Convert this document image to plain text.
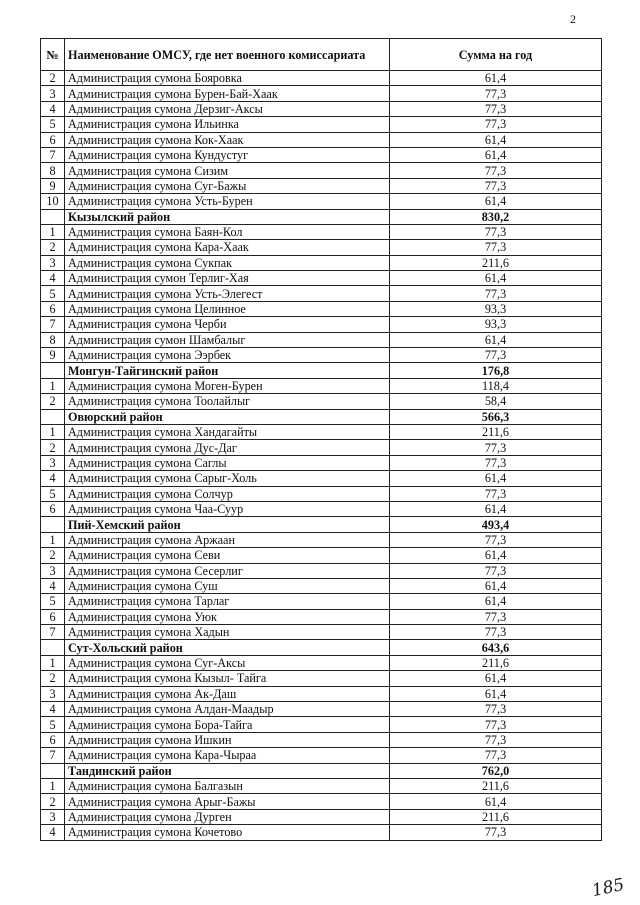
2
№	Наименование ОМСУ, где нет военного комиссариата	Сумма на год
2	Администрация сумона Бояровка	61,4
3	Администрация сумона Бурен-Бай-Хаак	77,3
4	Администрация сумона Дерзиг-Аксы	77,3
5	Администрация сумона Ильинка	77,3
6	Администрация сумона Кок-Хаак	61,4
7	Администрация сумона Кундустуг	61,4
8	Администрация сумона Сизим	77,3
9	Администрация сумона Суг-Бажы	77,3
10	Администрация сумона Усть-Бурен	61,4
	Кызылский район	830,2
1	Администрация сумона Баян-Кол	77,3
2	Администрация сумона Кара-Хаак	77,3
3	Администрация сумона Сукпак	211,6
4	Администрация сумон Терлиг-Хая	61,4
5	Администрация сумона Усть-Элегест	77,3
6	Администрация сумона Целинное	93,3
7	Администрация сумона Черби	93,3
8	Администрация сумон Шамбалыг	61,4
9	Администрация сумона Ээрбек	77,3
	Монгун-Тайгинский район	176,8
1	Администрация сумона Моген-Бурен	118,4
2	Администрация сумона Тоолайлыг	58,4
	Овюрский район	566,3
1	Администрация сумона Хандагайты	211,6
2	Администрация сумона Дус-Даг	77,3
3	Администрация сумона Саглы	77,3
4	Администрация сумона Сарыг-Холь	61,4
5	Администрация сумона Солчур	77,3
6	Администрация сумона Чаа-Суур	61,4
	Пий-Хемский район	493,4
1	Администрация сумона Аржаан	77,3
2	Администрация сумона Севи	61,4
3	Администрация сумона Сесерлиг	77,3
4	Администрация сумона Суш	61,4
5	Администрация сумона Тарлаг	61,4
6	Администрация сумона Уюк	77,3
7	Администрация сумона Хадын	77,3
	Сут-Хольский район	643,6
1	Администрация сумона Суг-Аксы	211,6
2	Администрация сумона Кызыл- Тайга	61,4
3	Администрация сумона Ак-Даш	61,4
4	Администрация сумона Алдан-Маадыр	77,3
5	Администрация сумона Бора-Тайга	77,3
6	Администрация сумона Ишкин	77,3
7	Администрация сумона Кара-Чыраа	77,3
	Тандинский район	762,0
1	Администрация сумона Балгазын	211,6
2	Администрация сумона Арыг-Бажы	61,4
3	Администрация сумона Дурген	211,6
4	Администрация сумона Кочетово	77,3
185
